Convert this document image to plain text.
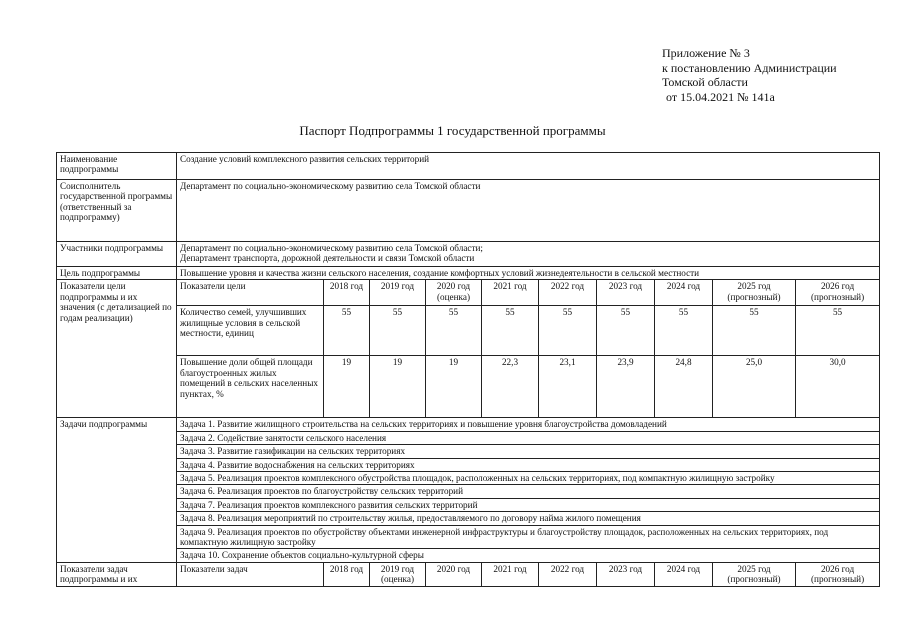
Приложение № 3
к постановлению Администрации
Томской области
от 15.04.2021 № 141а
Паспорт Подпрограммы 1 государственной программы
Наименование подпрограммы	Создание условий комплексного развития сельских территорий									
Соисполнитель государственной программы (ответственный за подпрограмму)	Департамент по социально-экономическому развитию села Томской области									
Участники подпрограммы	Департамент по социально-экономическому развитию села Томской области;
Департамент транспорта, дорожной деятельности и связи Томской области									

Цель подпрограммы	Повышение уровня и качества жизни сельского населения, создание комфортных условий жизнедеятельности в сельской местности									
Показатели цели подпрограммы и их значения (с детализацией по годам реализации)	Показатели цели	2018 год	2019 год	2020 год (оценка)	2021 год	2022 год	2023 год	2024 год	2025 год (прогнозный)	2026 год (прогнозный)
	Количество семей, улучшивших жилищные условия в сельской местности, единиц	55	55	55	55	55	55	55	55	55
	Повышение доли общей площади благоустроенных жилых помещений в сельских населенных пунктах, %	19	19	19	22,3	23,1	23,9	24,8	25,0	30,0
Задачи подпрограммы	Задача 1. Развитие жилищного строительства на сельских территориях и повышение уровня благоустройства домовладений									
	Задача 2. Содействие занятости сельского населения									
	Задача 3. Развитие газификации на сельских территориях									
	Задача 4. Развитие водоснабжения на сельских территориях									
	Задача 5. Реализация проектов комплексного обустройства площадок, расположенных на сельских территориях, под компактную жилищную застройку									
	Задача 6. Реализация проектов по благоустройству сельских территорий									
	Задача 7. Реализация проектов комплексного развития сельских территорий									
	Задача 8. Реализация мероприятий по строительству жилья, предоставляемого по договору найма жилого помещения									
	Задача 9. Реализация проектов по обустройству объектами инженерной инфраструктуры и благоустройству площадок, расположенных на сельских территориях, под компактную жилищную застройку									
	Задача 10. Сохранение объектов социально-культурной сферы									
Показатели задач подпрограммы и их	Показатели задач	2018 год	2019 год (оценка)	2020 год	2021 год	2022 год	2023 год	2024 год	2025 год (прогнозный)	2026 год (прогнозный)
